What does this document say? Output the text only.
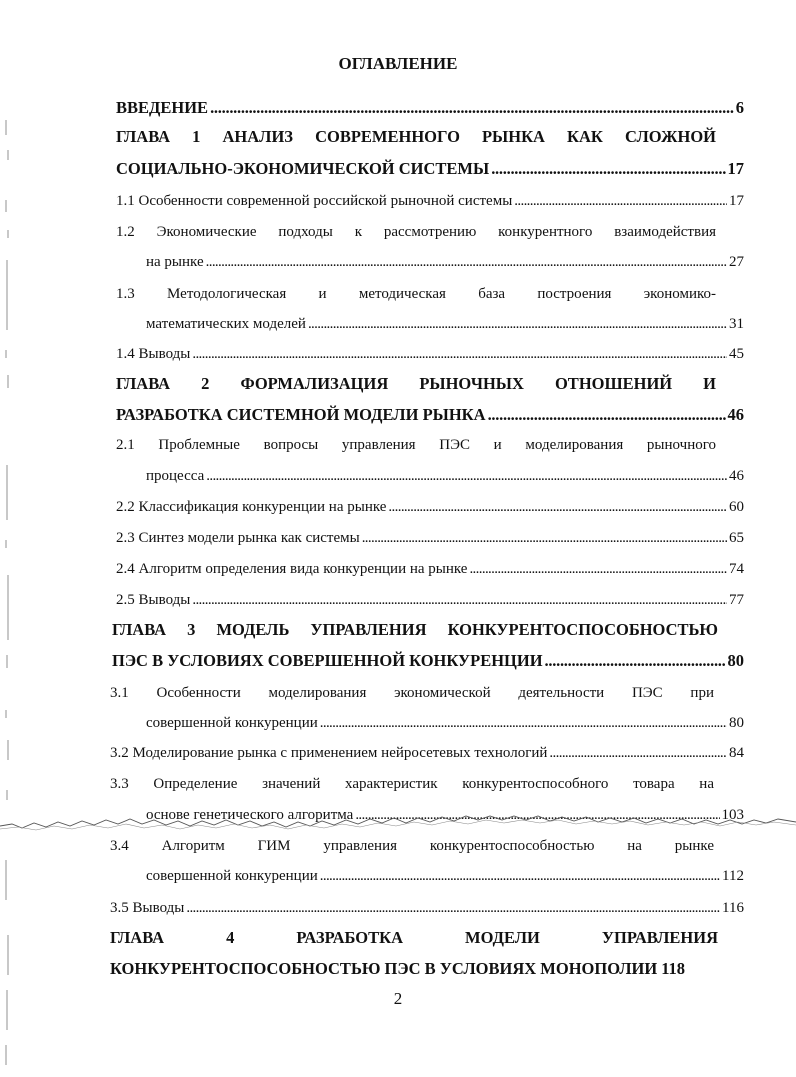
ОГЛАВЛЕНИЕ
ВВЕДЕНИЕ . . .	6
ГЛАВА 1 АНАЛИЗ СОВРЕМЕННОГО РЫНКА КАК СЛОЖНОЙ
СОЦИАЛЬНО-ЭКОНОМИЧЕСКОЙ СИСТЕМЫ . . .	17
1.1 Особенности современной российской рыночной системы . . .	17
1.2 Экономические подходы к рассмотрению конкурентного взаимодействия
на рынке . . .	27
1.3 Методологическая и методическая база построения экономико-
математических моделей . . .	31
1.4 Выводы . . .	45
ГЛАВА 2 ФОРМАЛИЗАЦИЯ РЫНОЧНЫХ ОТНОШЕНИЙ И
РАЗРАБОТКА СИСТЕМНОЙ МОДЕЛИ РЫНКА . . .	46
2.1 Проблемные вопросы управления ПЭС и моделирования рыночного
процесса . . .	46
2.2 Классификация конкуренции на рынке . . .	60
2.3 Синтез модели рынка как системы . . .	65
2.4 Алгоритм определения вида конкуренции на рынке . . .	74
2.5 Выводы . . .	77
ГЛАВА 3 МОДЕЛЬ УПРАВЛЕНИЯ КОНКУРЕНТОСПОСОБНОСТЬЮ
ПЭС В УСЛОВИЯХ СОВЕРШЕННОЙ КОНКУРЕНЦИИ . . .	80
3.1 Особенности моделирования экономической деятельности ПЭС при
совершенной конкуренции . . .	80
3.2 Моделирование рынка с применением нейросетевых технологий . . .	84
3.3 Определение значений характеристик конкурентоспособного товара на
основе генетического алгоритма . . .	103
3.4 Алгоритм ГИМ управления конкурентоспособностью на рынке
совершенной конкуренции . . .	112
3.5 Выводы . . .	116
ГЛАВА 4 РАЗРАБОТКА МОДЕЛИ УПРАВЛЕНИЯ
КОНКУРЕНТОСПОСОБНОСТЬЮ ПЭС В УСЛОВИЯХ МОНОПОЛИИ 118
2
